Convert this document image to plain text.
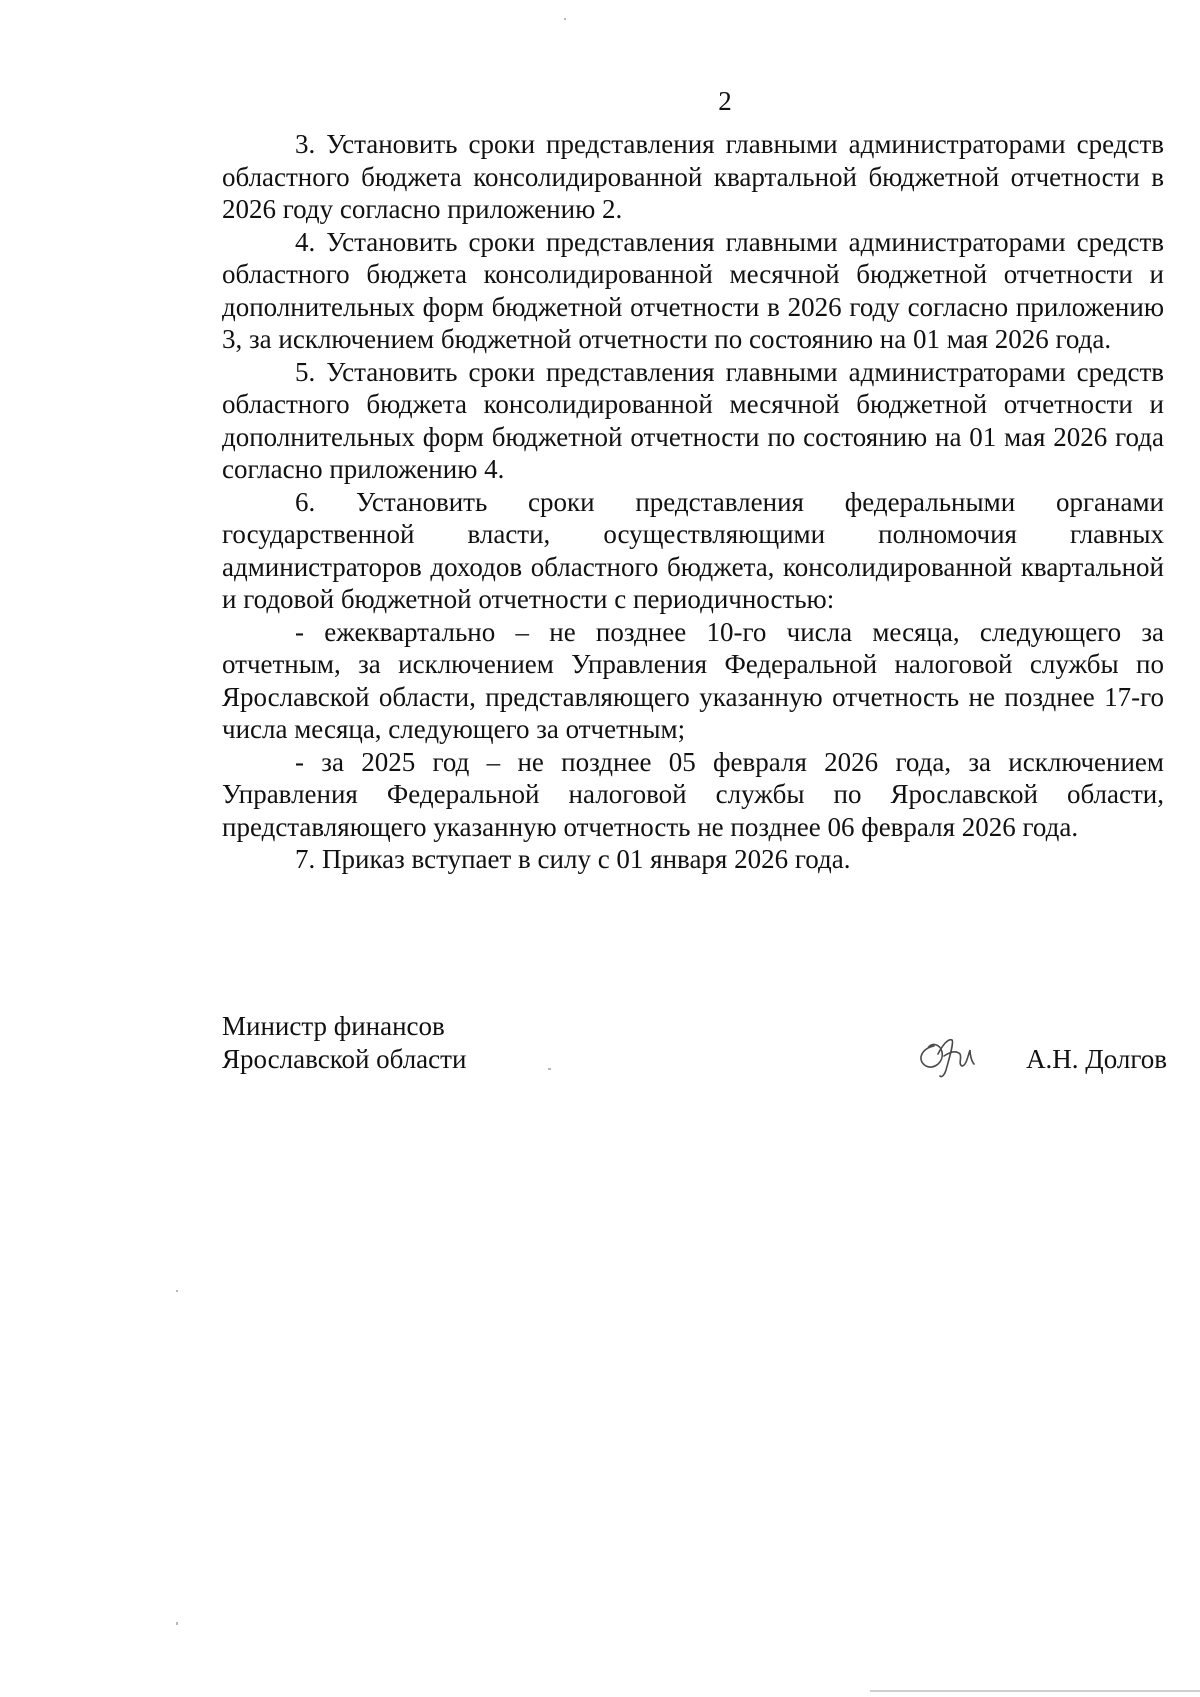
2

3. Установить сроки представления главными администраторами средств областного бюджета консолидированной квартальной бюджетной отчетности в 2026 году согласно приложению 2.

4. Установить сроки представления главными администраторами средств областного бюджета консолидированной месячной бюджетной отчетности и дополнительных форм бюджетной отчетности в 2026 году согласно приложению 3, за исключением бюджетной отчетности по состоянию на 01 мая 2026 года.

5. Установить сроки представления главными администраторами средств областного бюджета консолидированной месячной бюджетной отчетности и дополнительных форм бюджетной отчетности по состоянию на 01 мая 2026 года согласно приложению 4.

6. Установить сроки представления федеральными органами государственной власти, осуществляющими полномочия главных администраторов доходов областного бюджета, консолидированной квартальной и годовой бюджетной отчетности с периодичностью:

- ежеквартально – не позднее 10-го числа месяца, следующего за отчетным, за исключением Управления Федеральной налоговой службы по Ярославской области, представляющего указанную отчетность не позднее 17-го числа месяца, следующего за отчетным;

- за 2025 год – не позднее 05 февраля 2026 года, за исключением Управления Федеральной налоговой службы по Ярославской области, представляющего указанную отчетность не позднее 06 февраля 2026 года.

7. Приказ вступает в силу с 01 января 2026 года.

Министр финансов
Ярославской области	А.Н. Долгов
